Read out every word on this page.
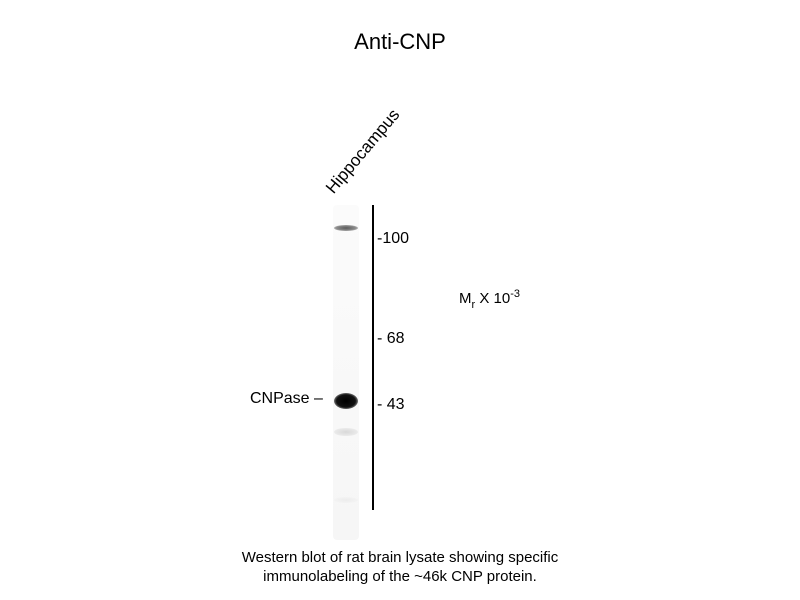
Anti-CNP
Hippocampus
CNPase –
-100
- 68
- 43
$M_r$ X $10^{-3}$
Western blot of rat brain lysate showing specific
immunolabeling of the ~46k CNP protein.
